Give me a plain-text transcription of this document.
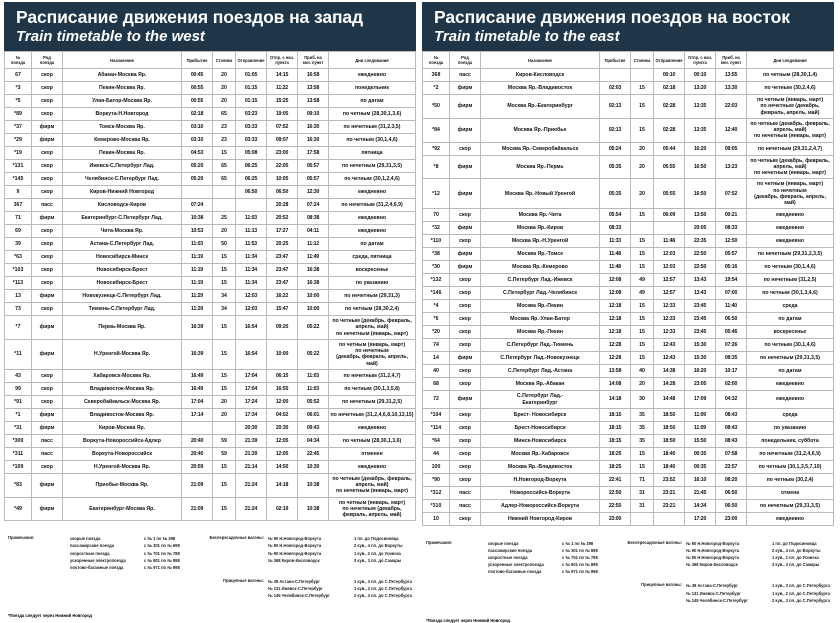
Расписание движения поездов на запад
Train timetable to the west
№
поезда	Род
поезда	Назначение	Прибытие	Стоянка	Отправление	Отпр. с нач.
пункта	Приб. на
кон. пункт	Дни следования
67	скор	Абакан-Москва Яр.	00:45	20	01:05	14:15	16:58	ежедневно
*3	скор	Пекин-Москва Яр.	00:55	20	01:15	11:22	13:58	понедельник
*5	скор	Улан-Батор-Москва Яр.	00:55	20	01:15	15:25	13:58	по датам
*89	скор	Воркута-Н.Новгород	02:18	65	03:23	19:05	09:10	по четным (28,30,1,3,6)
*37	фирм	Томск-Москва Яр.	03:10	23	03:33	07:52	16:30	по нечетным (31,2,3,5)
*29	фирм	Кемерово-Москва Яр.	03:10	23	03:33	09:07	16:30	по четным (30,1,4,6)
*19	скор	Пекин-Москва Яр.	04:53	15	05:08	23:00	17:58	пятница
*131	скор	Ижевск-С.Петербург Лад.	05:20	65	06:25	22:05	05:57	по нечетным (29,31,3,5)
*145	скор	Челябинск-С.Петербург Лад.	05:20	65	06:25	10:05	05:57	по четным (30,1,2,4,6)
9	скор	Киров-Нижний Новгород			06:50	06:50	12:30	ежедневно
367	пасс	Кисловодск-Киров	07:24			20:28	07:24	по нечетным (31,2,4,6,9)
71	фирм	Екатеринбург-С.Петербург Лад.	10:38	25	11:03	20:52	08:38	ежедневно
69	скор	Чита-Москва Яр.	10:53	20	11:13	17:27	04:11	ежедневно
39	скор	Астана-С.Петербург Лад.	11:03	50	11:53	20:25	11:12	по датам
*63	скор	Новосибирск-Минск	11:19	15	11:34	23:47	11:49	среда, пятница
*103	скор	Новосибирск-Брест	11:19	15	11:34	23:47	16:38	воскресенье
*113	скор	Новосибирск-Брест	11:19	15	11:34	23:47	16:38	по указанию
13	фирм	Новокузнецк-С.Петербург Лад.	11:29	34	12:03	16:22	10:00	по нечетным (29,31,3)
73	скор	Тюмень-С.Петербург Лад.	11:29	34	12:03	15:47	10:00	по четным (28,30,2,4)
*7	фирм	Пермь-Москва Яр.	16:39	15	16:54	09:20	05:22	по четным (декабрь, февраль, апрель, май)
по нечетным (январь, март)
*11	фирм	Н.Уренгой-Москва Яр.	16:39	15	16:54	10:00	05:22	по четным (январь, март)
по нечетным
(декабрь, февраль, апрель, май)
43	скор	Хабаровск-Москва Яр.	16:49	15	17:04	06:15	11:03	по нечетным (31,2,4,7)
99	скор	Владивосток-Москва Яр.	16:49	15	17:04	16:55	11:03	по четным (30,1,3,5,8)
*91	скор	Северобайкальск-Москва Яр.	17:04	20	17:24	12:00	05:52	по нечетным (29,31,2,5)
*1	фирм	Владивосток-Москва Яр.	17:14	20	17:34	04:02	06:01	по нечетным (31,2,4,6,8,10,13,15)
*31	фирм	Киров-Москва Яр.			20:30	20:30	09:43	ежедневно
*309	пасс	Воркута-Новороссийск-Адлер	20:40	59	21:39	12:05	04:34	по четным (28,30,1,3,6)
*311	пасс	Воркута-Новороссийск	20:40	59	21:39	12:05	22:45	отменен
*109	скор	Н.Уренгой-Москва Яр.	20:59	15	21:14	14:50	10:30	ежедневно
*83	фирм	Приобье-Москва Яр.	21:09	15	21:24	14:18	10:38	по четным (декабрь, февраль, апрель, май)
по нечетным (январь, март)
*49	фирм	Екатеринбург-Москва Яр.	21:09	15	21:24	02:19	10:38	по четным (январь, март)
по нечетным (декабрь, февраль, апрель, май)
Примечание:	скорые поезда	с № 1 по № 298
пассажирские поезда	с № 301 по № 698
скоростные поезда	с № 701 по № 788
ускоренные электропоезда	с № 801 по № 898
почтово-багажные поезда	с № 971 по № 998
Беспересадочные вагоны: № 90 Н.Новгород-Воркута	1 пл. до Подосиновца
№ 90 Н.Новгород-Воркута	2 кув., 4 пл. до Воркуты
№ 90 Н.Новгород-Воркута	1 кув., 2 пл. до Усинска
№ 368 Киров-Кисловодск	3 кув., 3 пл. до Самары
Прицепные вагоны: № 39 Астана-С.Петербург	1 кув., 3 пл. до С.Петербурга
№ 131 Ижевск-С.Петербург	1 кув., 2 пл. до С.Петербурга
№ 145 Челябинск-С.Петербург	2 кув., 3 пл. до С.Петербурга
*Поезда следует через Нижний Новгород
Расписание движения поездов на восток
Train timetable to the east
№
поезда	Род
поезда	Назначение	Прибытие	Стоянка	Отправление	Отпр. с нач.
пункта	Приб. на
кон. пункт	Дни следования
368	пасс	Киров-Кисловодск			00:10	00:10	13:55	по четным (28,30,1,4)
*2	фирм	Москва Яр.-Владивосток	02:03	15	02:18	13:20	13:30	по четным (30,2,4,6)
*50	фирм	Москва Яр.-Екатеринбург	02:13	15	02:28	13:35	22:03	по четным (январь, март)
по нечетным (декабрь, февраль, апрель, май)
*84	фирм	Москва Яр.-Приобье	02:13	15	02:28	13:35	12:40	по четным (декабрь, февраль, апрель, май)
по нечетным (январь, март)
*92	скор	Москва Яр.-Северобайкальск	05:24	20	05:44	16:20	09:05	по нечетным (29,31,2,4,7)
*8	фирм	Москва Яр.-Пермь	05:35	20	05:55	16:50	13:23	по четным (декабрь, февраль, апрель, май)
по нечетным (январь, март)
*12	фирм	Москва Яр.-Новый Уренгой	05:35	20	05:55	16:50	07:52	по четным (январь, март)
по нечетным
(декабрь, февраль, апрель, май)
70	скор	Москва Яр.-Чита	05:54	15	06:09	13:50	00:21	ежедневно
*32	фирм	Москва Яр.-Киров	08:33			20:05	08:33	ежедневно
*110	скор	Москва Яр.-Н.Уренгой	11:33	15	11:48	22:35	12:50	ежедневно
*38	фирм	Москва Яр.-Томск	11:48	15	12:03	22:50	05:57	по нечетным (29,31,2,3,5)
*30	фирм	Москва Яр.-Кемерово	11:48	15	12:03	22:50	05:16	по четным (30,1,4,6)
*132	скор	С.Петербург Лад.-Ижевск	12:08	49	12:57	13:43	19:54	по нечетным (31,2,5)
*146	скор	С.Петербург Лад.-Челябинск	12:08	49	12:57	13:43	07:00	по четным (30,1,3,4,6)
*4	скор	Москва Яр.-Пекин	12:18	15	12:33	23:45	11:40	среда
*6	скор	Москва Яр.-Улан-Батор	12:18	15	12:33	23:45	06:50	по датам
*20	скор	Москва Яр.-Пекин	12:18	15	12:33	23:45	05:46	воскресенье
74	скор	С.Петербург Лад.-Тюмень	12:28	15	12:43	15:30	07:26	по четным (30,1,4,6)
14	фирм	С.Петербург Лад.-Новокузнецк	12:28	15	12:43	15:30	08:35	по нечетным (29,31,3,5)
40	скор	С.Петербург Лад.-Астана	13:58	40	14:38	16:20	10:17	по датам
68	скор	Москва Яр.-Абакан	14:08	20	14:28	23:05	02:00	ежедневно
72	фирм	С.Петербург Лад.-
Екатеринбург	14:18	30	14:48	17:09	04:32	ежедневно
*104	скор	Брест- Новосибирск	18:15	35	18:50	11:09	08:43	среда
*114	скор	Брест-Новосибирск	18:15	35	18:50	11:09	08:43	по указанию
*64	скор	Минск-Новосибирск	18:15	35	18:50	15:50	08:43	понедельник, суббота
44	скор	Москва Яр.-Хабаровск	18:25	15	18:40	00:35	07:58	по нечетным (31,2,4,6,9)
100	скор	Москва Яр.-Владивосток	18:25	15	18:40	00:35	23:57	по четным (30,1,3,5,7,10)
*90	скор	Н.Новгород-Воркута	22:41	71	23:52	16:10	08:20	по четным (30,2,4)
*312	пасс	Новороссийск-Воркута	22:50	31	23:21	21:45	06:50	отмена
*310	пасс	Адлер-Новороссийск-Воркута	22:50	31	23:21	14:34	06:50	по нечетным (29,31,3,5)
10	скор	Нижний Новгород-Киров	23:00			17:20	23:00	ежедневно
Примечание:	скорые поезда	с № 1 по № 298
пассажирские поезда	с № 301 по № 698
скоростные поезда	с № 701 по № 788
ускоренные электропоезда	с № 801 по № 898
почтово-багажные поезда	с № 971 по № 998
Беспересадочные вагоны: № 90 Н.Новгород-Воркута	1 пл. до Подосиновца
№ 90 Н.Новгород-Воркута	2 кув., 4 пл. до Воркуты
№ 90 Н.Новгород-Воркута	1 кув., 2 пл. до Усинска
№ 368 Киров-Кисловодск	3 кув., 3 пл. до Самары
Прицепные вагоны: № 39 Астана-С.Петербург	1 кув., 3 пл. до С.Петербурга
№ 131 Ижевск-С.Петербург	1 кув., 2 пл. до С.Петербурга
№ 145 Челябинск-С.Петербург	2 кув., 3 пл. до С.Петербурга
*Поезда следует через Нижний Новгород
